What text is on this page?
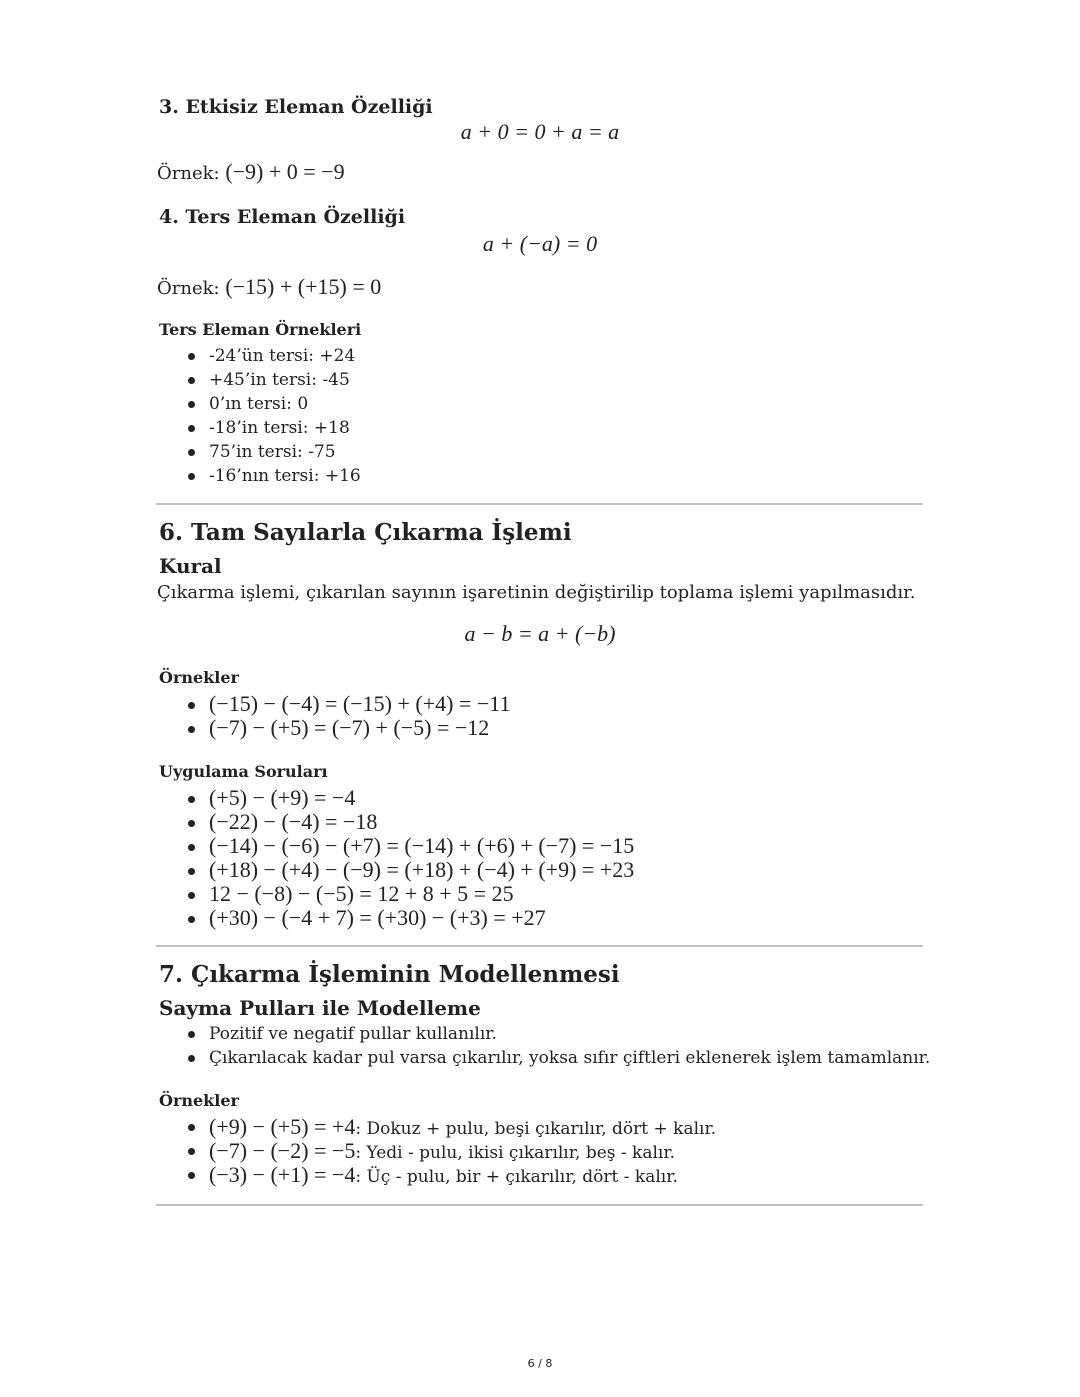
3. Etkisiz Eleman Özelliği
a + 0 = 0 + a = a
Örnek: (−9) + 0 = −9
4. Ters Eleman Özelliği
a + (−a) = 0
Örnek: (−15) + (+15) = 0
Ters Eleman Örnekleri
-24’ün tersi: +24
+45’in tersi: -45
0’ın tersi: 0
-18’in tersi: +18
75’in tersi: -75
-16’nın tersi: +16
6. Tam Sayılarla Çıkarma İşlemi
Kural
Çıkarma işlemi, çıkarılan sayının işaretinin değiştirilip toplama işlemi yapılmasıdır.
a − b = a + (−b)
Örnekler
(−15) − (−4) = (−15) + (+4) = −11
(−7) − (+5) = (−7) + (−5) = −12
Uygulama Soruları
(+5) − (+9) = −4
(−22) − (−4) = −18
(−14) − (−6) − (+7) = (−14) + (+6) + (−7) = −15
(+18) − (+4) − (−9) = (+18) + (−4) + (+9) = +23
12 − (−8) − (−5) = 12 + 8 + 5 = 25
(+30) − (−4 + 7) = (+30) − (+3) = +27
7. Çıkarma İşleminin Modellenmesi
Sayma Pulları ile Modelleme
Pozitif ve negatif pullar kullanılır.
Çıkarılacak kadar pul varsa çıkarılır, yoksa sıfır çiftleri eklenerek işlem tamamlanır.
Örnekler
(+9) − (+5) = +4: Dokuz + pulu, beşi çıkarılır, dört + kalır.
(−7) − (−2) = −5: Yedi - pulu, ikisi çıkarılır, beş - kalır.
(−3) − (+1) = −4: Üç - pulu, bir + çıkarılır, dört - kalır.
6 / 8
